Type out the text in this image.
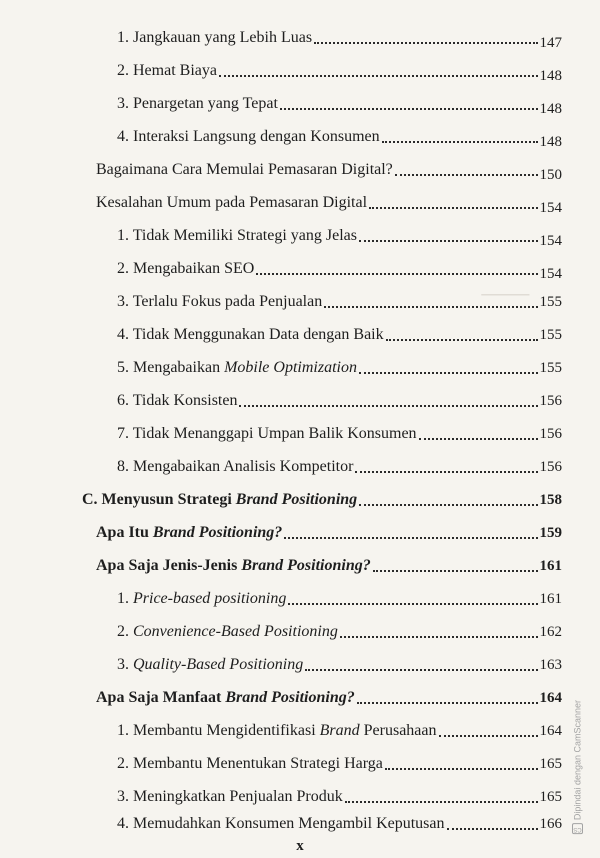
⸺
1. Jangkauan yang Lebih Luas	147
2. Hemat Biaya	148
3. Penargetan yang Tepat	148
4. Interaksi Langsung dengan Konsumen	148
Bagaimana Cara Memulai Pemasaran Digital?	150
Kesalahan Umum pada Pemasaran Digital	154
1. Tidak Memiliki Strategi yang Jelas	154
2. Mengabaikan SEO	154
3. Terlalu Fokus pada Penjualan	155
4. Tidak Menggunakan Data dengan Baik	155
5. Mengabaikan Mobile Optimization	155
6. Tidak Konsisten	156
7. Tidak Menanggapi Umpan Balik Konsumen	156
8. Mengabaikan Analisis Kompetitor	156
C. Menyusun Strategi Brand Positioning	158
Apa Itu Brand Positioning?	159
Apa Saja Jenis-Jenis Brand Positioning?	161
1. Price-based positioning	161
2. Convenience-Based Positioning	162
3. Quality-Based Positioning	163
Apa Saja Manfaat Brand Positioning?	164
1. Membantu Mengidentifikasi Brand Perusahaan	164
2. Membantu Menentukan Strategi Harga	165
3. Meningkatkan Penjualan Produk	165
4. Memudahkan Konsumen Mengambil Keputusan	166
x
CS
Dipindai dengan CamScanner
